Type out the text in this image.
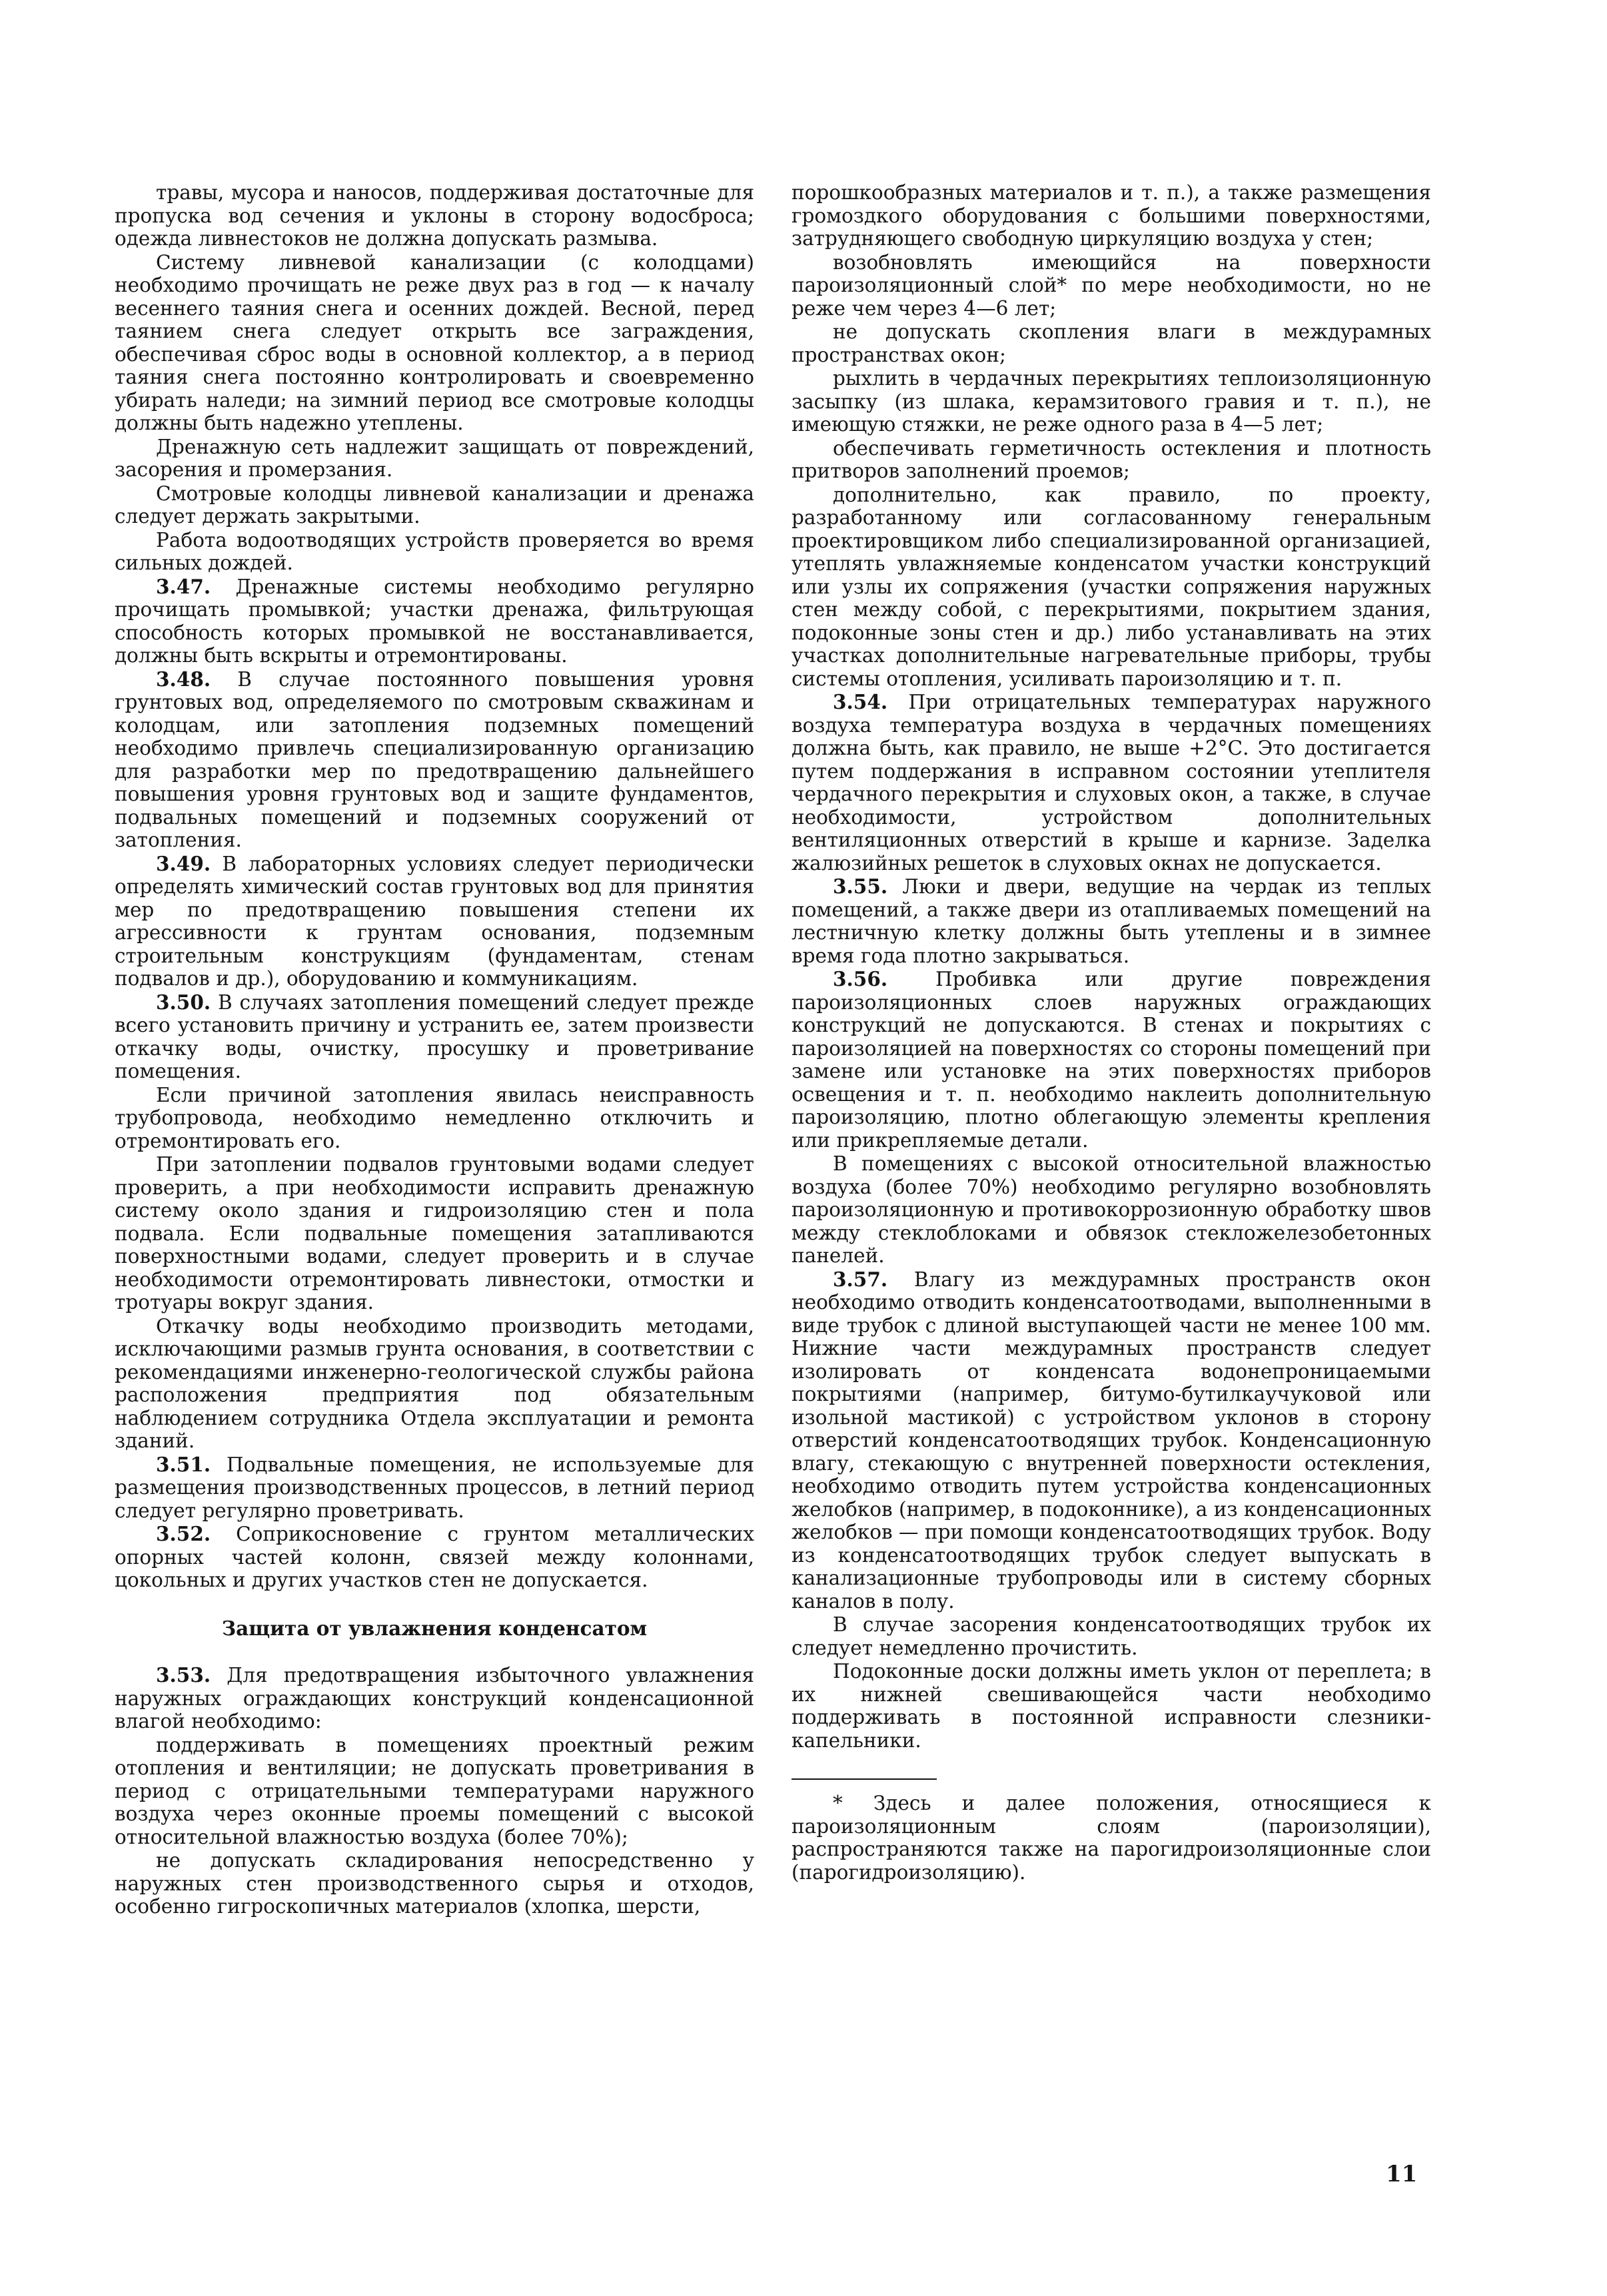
травы, мусора и наносов, поддерживая достаточные для пропуска вод сечения и уклоны в сторону водосброса; одежда ливнестоков не должна допускать размыва.

Систему ливневой канализации (с колодцами) необходимо прочищать не реже двух раз в год — к началу весеннего таяния снега и осенних дождей. Весной, перед таянием снега следует открыть все заграждения, обеспечивая сброс воды в основной коллектор, а в период таяния снега постоянно контролировать и своевременно убирать наледи; на зимний период все смотровые колодцы должны быть надежно утеплены.

Дренажную сеть надлежит защищать от повреждений, засорения и промерзания.

Смотровые колодцы ливневой канализации и дренажа следует держать закрытыми.

Работа водоотводящих устройств проверяется во время сильных дождей.

3.47. Дренажные системы необходимо регулярно прочищать промывкой; участки дренажа, фильтрующая способность которых промывкой не восстанавливается, должны быть вскрыты и отремонтированы.

3.48. В случае постоянного повышения уровня грунтовых вод, определяемого по смотровым скважинам и колодцам, или затопления подземных помещений необходимо привлечь специализированную организацию для разработки мер по предотвращению дальнейшего повышения уровня грунтовых вод и защите фундаментов, подвальных помещений и подземных сооружений от затопления.

3.49. В лабораторных условиях следует периодически определять химический состав грунтовых вод для принятия мер по предотвращению повышения степени их агрессивности к грунтам основания, подземным строительным конструкциям (фундаментам, стенам подвалов и др.), оборудованию и коммуникациям.

3.50. В случаях затопления помещений следует прежде всего установить причину и устранить ее, затем произвести откачку воды, очистку, просушку и проветривание помещения.

Если причиной затопления явилась неисправность трубопровода, необходимо немедленно отключить и отремонтировать его.

При затоплении подвалов грунтовыми водами следует проверить, а при необходимости исправить дренажную систему около здания и гидроизоляцию стен и пола подвала. Если подвальные помещения затапливаются поверхностными водами, следует проверить и в случае необходимости отремонтировать ливнестоки, отмостки и тротуары вокруг здания.

Откачку воды необходимо производить методами, исключающими размыв грунта основания, в соответствии с рекомендациями инженерно-геологической службы района расположения предприятия под обязательным наблюдением сотрудника Отдела эксплуатации и ремонта зданий.

3.51. Подвальные помещения, не используемые для размещения производственных процессов, в летний период следует регулярно проветривать.

3.52. Соприкосновение с грунтом металлических опорных частей колонн, связей между колоннами, цокольных и других участков стен не допускается.

Защита от увлажнения конденсатом

3.53. Для предотвращения избыточного увлажнения наружных ограждающих конструкций конденсационной влагой необходимо:

поддерживать в помещениях проектный режим отопления и вентиляции; не допускать проветривания в период с отрицательными температурами наружного воздуха через оконные проемы помещений с высокой относительной влажностью воздуха (более 70%);

не допускать складирования непосредственно у наружных стен производственного сырья и отходов, особенно гигроскопичных материалов (хлопка, шерсти,

порошкообразных материалов и т. п.), а также размещения громоздкого оборудования с большими поверхностями, затрудняющего свободную циркуляцию воздуха у стен;

возобновлять имеющийся на поверхности пароизоляционный слой* по мере необходимости, но не реже чем через 4—6 лет;

не допускать скопления влаги в междурамных пространствах окон;

рыхлить в чердачных перекрытиях теплоизоляционную засыпку (из шлака, керамзитового гравия и т. п.), не имеющую стяжки, не реже одного раза в 4—5 лет;

обеспечивать герметичность остекления и плотность притворов заполнений проемов;

дополнительно, как правило, по проекту, разработанному или согласованному генеральным проектировщиком либо специализированной организацией, утеплять увлажняемые конденсатом участки конструкций или узлы их сопряжения (участки сопряжения наружных стен между собой, с перекрытиями, покрытием здания, подоконные зоны стен и др.) либо устанавливать на этих участках дополнительные нагревательные приборы, трубы системы отопления, усиливать пароизоляцию и т. п.

3.54. При отрицательных температурах наружного воздуха температура воздуха в чердачных помещениях должна быть, как правило, не выше +2°С. Это достигается путем поддержания в исправном состоянии утеплителя чердачного перекрытия и слуховых окон, а также, в случае необходимости, устройством дополнительных вентиляционных отверстий в крыше и карнизе. Заделка жалюзийных решеток в слуховых окнах не допускается.

3.55. Люки и двери, ведущие на чердак из теплых помещений, а также двери из отапливаемых помещений на лестничную клетку должны быть утеплены и в зимнее время года плотно закрываться.

3.56. Пробивка или другие повреждения пароизоляционных слоев наружных ограждающих конструкций не допускаются. В стенах и покрытиях с пароизоляцией на поверхностях со стороны помещений при замене или установке на этих поверхностях приборов освещения и т. п. необходимо наклеить дополнительную пароизоляцию, плотно облегающую элементы крепления или прикрепляемые детали.

В помещениях с высокой относительной влажностью воздуха (более 70%) необходимо регулярно возобновлять пароизоляционную и противокоррозионную обработку швов между стеклоблоками и обвязок стекложелезобетонных панелей.

3.57. Влагу из междурамных пространств окон необходимо отводить конденсатоотводами, выполненными в виде трубок с длиной выступающей части не менее 100 мм. Нижние части междурамных пространств следует изолировать от конденсата водонепроницаемыми покрытиями (например, битумо-бутилкаучуковой или изольной мастикой) с устройством уклонов в сторону отверстий конденсатоотводящих трубок. Конденсационную влагу, стекающую с внутренней поверхности остекления, необходимо отводить путем устройства конденсационных желобков (например, в подоконнике), а из конденсационных желобков — при помощи конденсатоотводящих трубок. Воду из конденсатоотводящих трубок следует выпускать в канализационные трубопроводы или в систему сборных каналов в полу.

В случае засорения конденсатоотводящих трубок их следует немедленно прочистить.

Подоконные доски должны иметь уклон от переплета; в их нижней свешивающейся части необходимо поддерживать в постоянной исправности слезники-капельники.

* Здесь и далее положения, относящиеся к пароизоляционным слоям (пароизоляции), распространяются также на парогидроизоляционные слои (парогидроизоляцию).

11
